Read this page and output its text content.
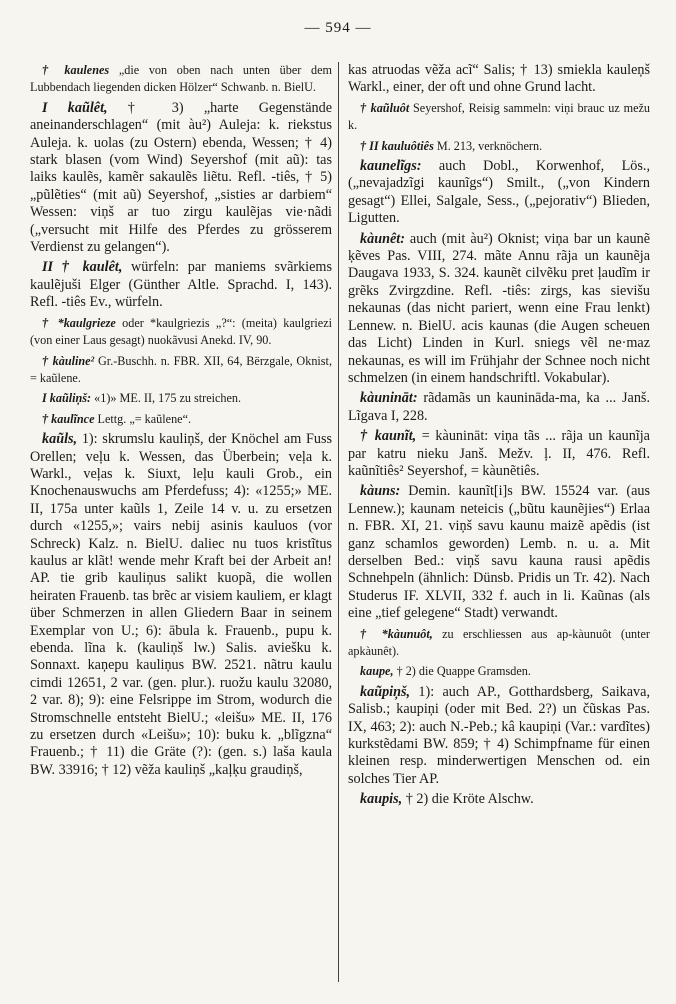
— 594 —

† kaulenes „die von oben nach unten über dem Lubbendach liegenden dicken Hölzer“ Schwanb. n. BielU.

I kaũlêt, † 3) „harte Gegenstände aneinanderschlagen“ (mit àu²) Auleja: k. riekstus Auleja. k. uolas (zu Ostern) ebenda, Wessen; † 4) stark blasen (vom Wind) Seyershof (mit aũ): tas laiks kaulẽs, kamẽr sakaulẽs liẽtu. Refl. -tiês, † 5) „pũlẽties“ (mit aũ) Seyershof, „sisties ar darbiem“ Wessen: viņš ar tuo zirgu kaulẽjas vie·nãdi („versucht mit Hilfe des Pferdes zu grösserem Verdienst zu gelangen“).

II † kaulêt, würfeln: par maniems svãrkiems kaulẽjuši Elger (Günther Altle. Sprachd. I, 143). Refl. -tiês Ev., würfeln.

† *kaulgrieze oder *kaulgriezis „?“: (meita) kaulgriezi (von einer Laus gesagt) nuokãvusi Anekd. IV, 90.

† kàuline² Gr.-Buschh. n. FBR. XII, 64, Bërzgale, Oknist, = kaũlene.

I kaũliņš: «1)» ME. II, 175 zu streichen.

† kaulĩnce Lettg. „= kaũlene“.

kaũls, 1): skrumslu kauliņš, der Knöchel am Fuss Orellen; veļu k. Wessen, das Überbein; veļa k. Warkl., veļas k. Siuxt, leļu kauli Grob., ein Knochenauswuchs am Pferdefuss; 4): «1255;» ME. II, 175a unter kaũls 1, Zeile 14 v. u. zu ersetzen durch «1255,»; vairs nebij asinis kauluos (vor Schreck) Kalz. n. BielU. daliec nu tuos kristĩtus kaulus ar klãt! wende mehr Kraft bei der Arbeit an! AP. tie grib kauliņus salikt kuopã, die wollen heiraten Frauenb. tas brẽc ar visiem kauliem, er klagt über Schmerzen in allen Gliedern Baar in seinem Exemplar von U.; 6): ābula k. Frauenb., pupu k. ebenda. lĩna k. (kauliņš lw.) Salis. aviešku k. Sonnaxt. kaņepu kauliņus BW. 2521. nãtru kaulu cimdi 12651, 2 var. (gen. plur.). ruožu kaulu 32080, 2 var. 8); 9): eine Felsrippe im Strom, wodurch die Stromschnelle entsteht BielU.; «leišu» ME. II, 176 zu ersetzen durch «Leišu»; 10): buku k. „blĩgzna“ Frauenb.; † 11) die Gräte (?): (gen. s.) laša kaula BW. 33916; † 12) vẽža kauliņš „kaļķu graudiņš,

kas atruodas vẽža acĩ“ Salis; † 13) smiekla kauleņš Warkl., einer, der oft und ohne Grund lacht.

† kaũluôt Seyershof, Reisig sammeln: viņi brauc uz mežu k.

† II kauluôtiês M. 213, verknöchern.

kaunelĩgs: auch Dobl., Korwenhof, Lös., („nevajadzĩgi kaunĩgs“) Smilt., („von Kindern gesagt“) Ellei, Salgale, Sess., („pejorativ“) Blieden, Ligutten.

kàunêt: auch (mit àu²) Oknist; viņa bar un kaunẽ ķẽves Pas. VIII, 274. mãte Annu rãja un kaunẽja Daugava 1933, S. 324. kaunẽt cilvẽku pret ļaudĩm ir grẽks Zvirgzdine. Refl. -tiês: zirgs, kas sievišu nekaunas (das nicht pariert, wenn eine Frau lenkt) Lennew. n. BielU. acis kaunas (die Augen scheuen das Licht) Linden in Kurl. sniegs vẽl ne·maz nekaunas, es will im Frühjahr der Schnee noch nicht schmelzen (in einem handschriftl. Vokabular).

kàunināt: rãdamãs un kaunināda-ma, ka ... Janš. Lĩgava I, 228.

† kaunĩt, = kàunināt: viņa tãs ... rãja un kaunĩja par katru nieku Janš. Mežv. ļ. II, 476. Refl. kaũnĩtiês² Seyershof, = kàunẽtiês.

kàuns: Demin. kaunĩt[i]s BW. 15524 var. (aus Lennew.); kaunam neteicis („bũtu kaunẽjies“) Erlaa n. FBR. XI, 21. viņš savu kaunu maizẽ apẽdis (ist ganz schamlos geworden) Lemb. n. u. a. Mit derselben Bed.: viņš savu kauna rausi apẽdis Schnehpeln (ähnlich: Dünsb. Pridis un Tr. 42). Nach Studerus IF. XLVII, 332 f. auch in li. Kaũnas (als eine „tief gelegene“ Stadt) verwandt.

† *kàunuôt, zu erschliessen aus ap-kàunuôt (unter apkàunêt).

kaupe, † 2) die Quappe Gramsden.

kaũpiņš, 1): auch AP., Gotthardsberg, Saikava, Salisb.; kaupiņi (oder mit Bed. 2?) un čũskas Pas. IX, 463; 2): auch N.-Peb.; kâ kaupiņi (Var.: vardĩtes) kurkstẽdami BW. 859; † 4) Schimpfname für einen kleinen resp. minderwertigen Menschen od. ein solches Tier AP.

kaupis, † 2) die Kröte Alschw.
